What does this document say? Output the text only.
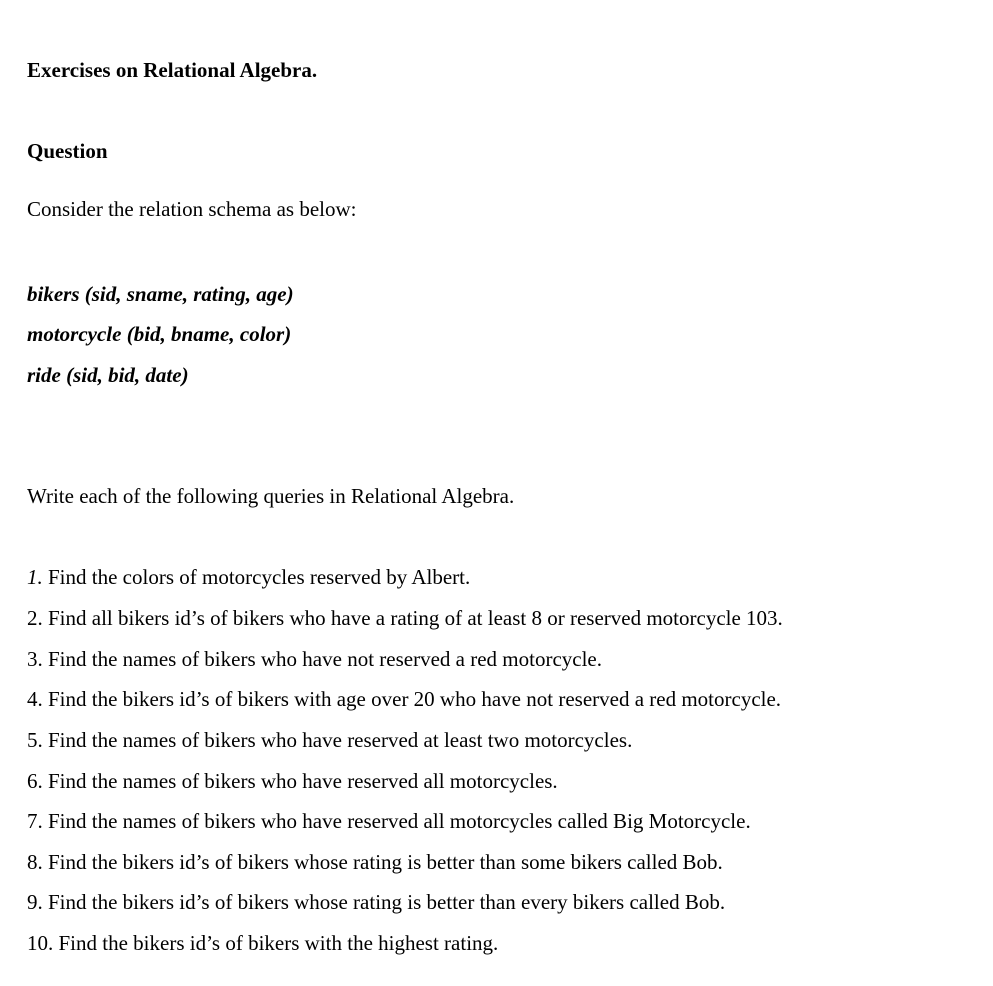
Exercises on Relational Algebra.
Question
Consider the relation schema as below:
bikers (sid, sname, rating, age)
motorcycle (bid, bname, color)
ride (sid, bid, date)
Write each of the following queries in Relational Algebra.
1. Find the colors of motorcycles reserved by Albert.
2. Find all bikers id’s of bikers who have a rating of at least 8 or reserved motorcycle 103.
3. Find the names of bikers who have not reserved a red motorcycle.
4. Find the bikers id’s of bikers with age over 20 who have not reserved a red motorcycle.
5. Find the names of bikers who have reserved at least two motorcycles.
6. Find the names of bikers who have reserved all motorcycles.
7. Find the names of bikers who have reserved all motorcycles called Big Motorcycle.
8. Find the bikers id’s of bikers whose rating is better than some bikers called Bob.
9. Find the bikers id’s of bikers whose rating is better than every bikers called Bob.
10. Find the bikers id’s of bikers with the highest rating.
